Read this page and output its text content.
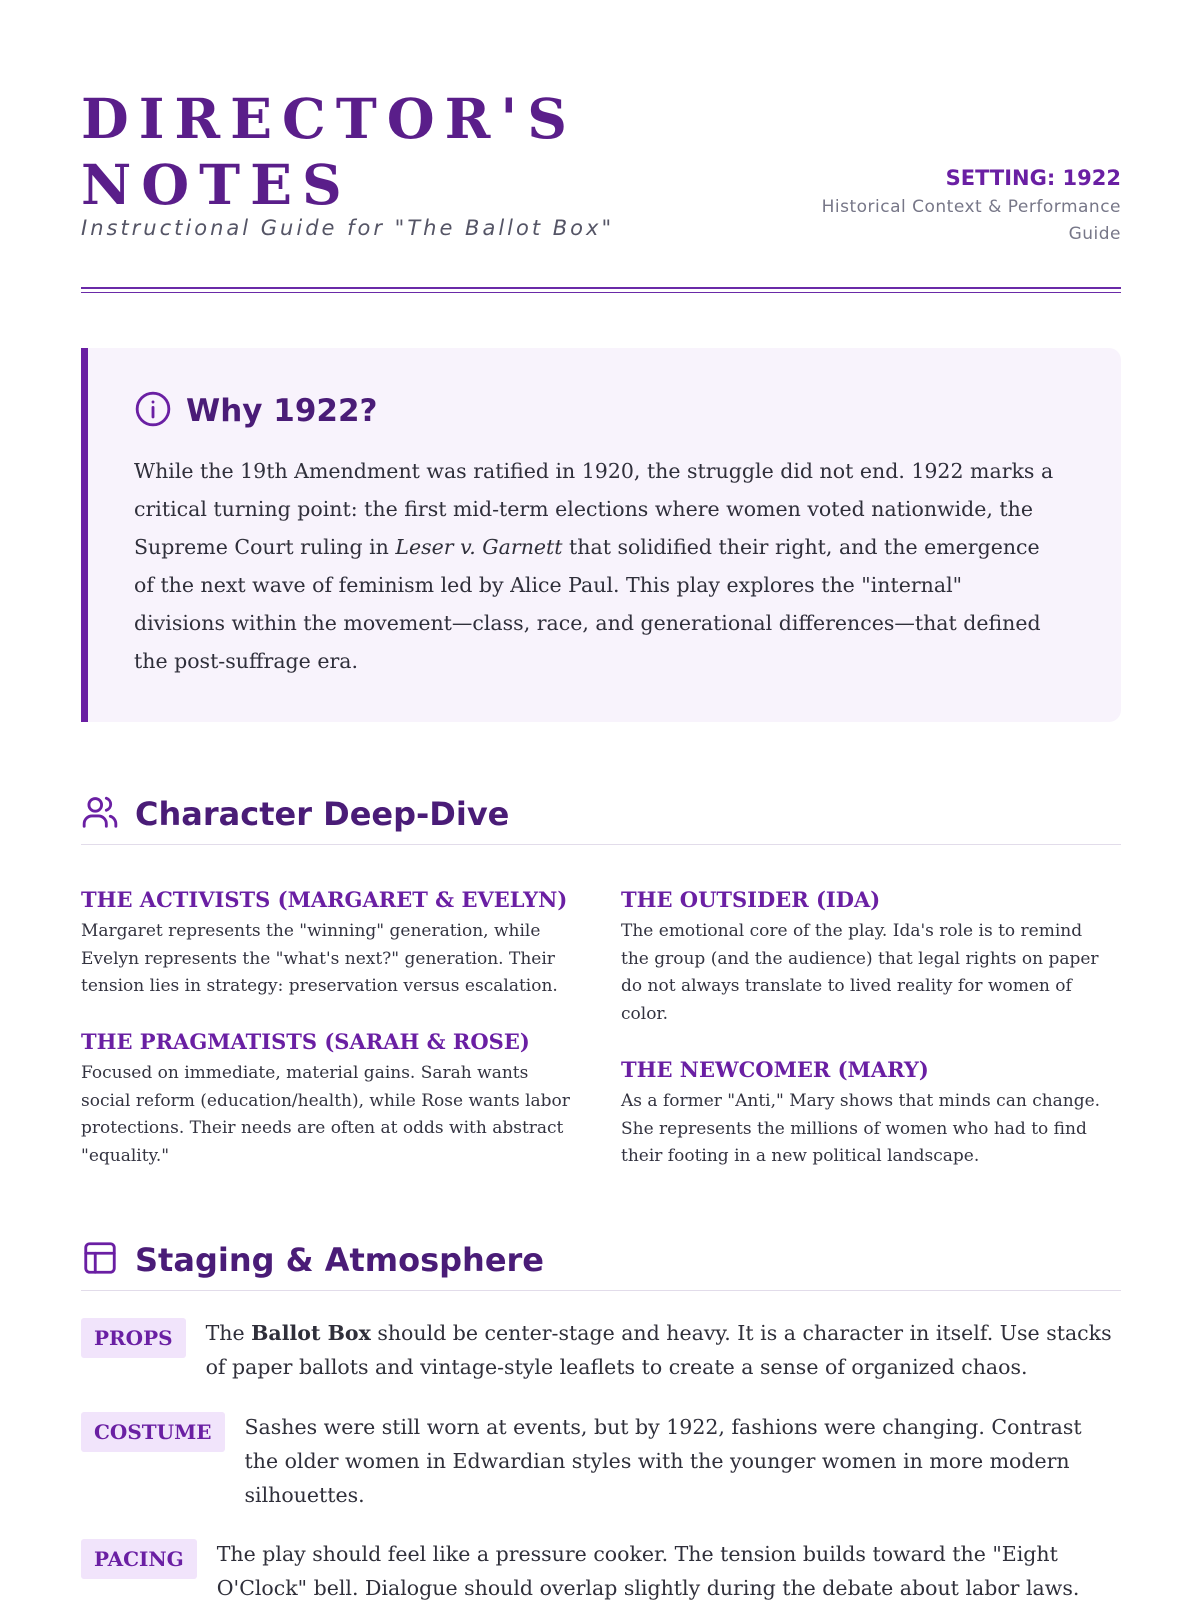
DIRECTOR'S
NOTES
Instructional Guide for "The Ballot Box"
SETTING: 1922
Historical Context & Performance
Guide
Why 1922?

While the 19th Amendment was ratified in 1920, the struggle did not end. 1922 marks a critical turning point: the first mid-term elections where women voted nationwide, the Supreme Court ruling in Leser v. Garnett that solidified their right, and the emergence of the next wave of feminism led by Alice Paul. This play explores the "internal" divisions within the movement—class, race, and generational differences—that defined the post-suffrage era.

Character Deep-Dive

THE ACTIVISTS (MARGARET & EVELYN)

Margaret represents the "winning" generation, while Evelyn represents the "what's next?" generation. Their tension lies in strategy: preservation versus escalation.

THE OUTSIDER (IDA)

The emotional core of the play. Ida's role is to remind the group (and the audience) that legal rights on paper do not always translate to lived reality for women of color.

THE PRAGMATISTS (SARAH & ROSE)

Focused on immediate, material gains. Sarah wants social reform (education/health), while Rose wants labor protections. Their needs are often at odds with abstract "equality."

THE NEWCOMER (MARY)

As a former "Anti," Mary shows that minds can change. She represents the millions of women who had to find their footing in a new political landscape.

Staging & Atmosphere
PROPS	The Ballot Box should be center-stage and heavy. It is a character in itself. Use stacks of paper ballots and vintage-style leaflets to create a sense of organized chaos.
COSTUME	Sashes were still worn at events, but by 1922, fashions were changing. Contrast the older women in Edwardian styles with the younger women in more modern silhouettes.
PACING	The play should feel like a pressure cooker. The tension builds toward the "Eight O'Clock" bell. Dialogue should overlap slightly during the debate about labor laws.
